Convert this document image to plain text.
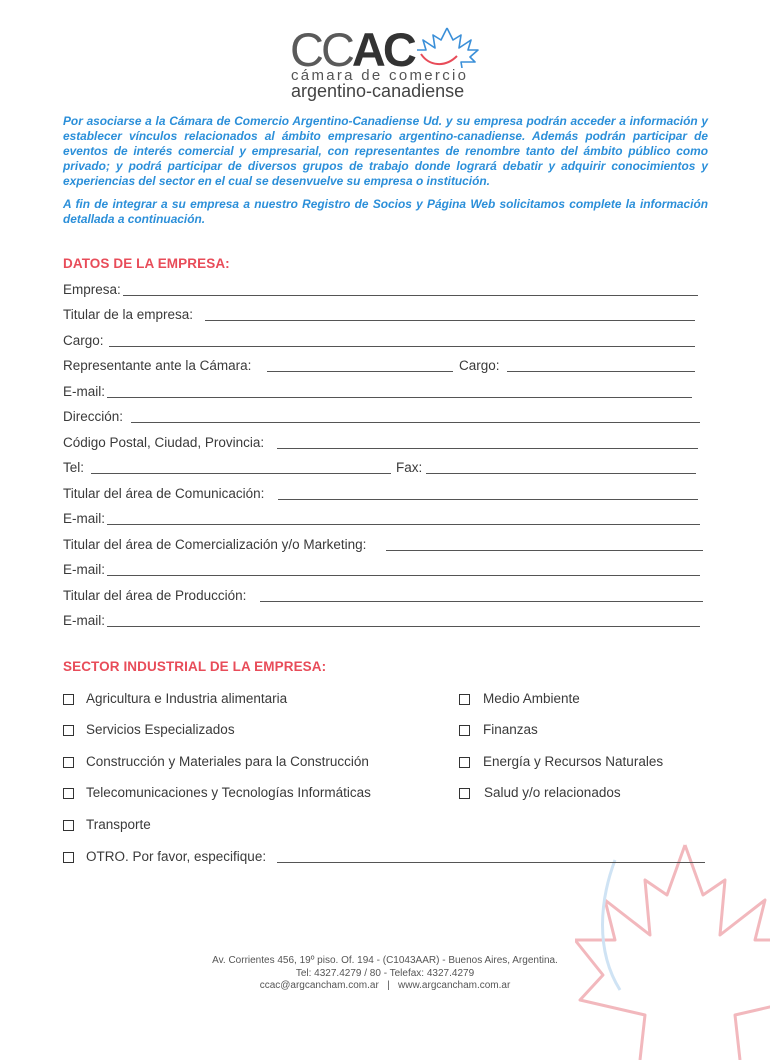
CCAC
cámara de comercio
argentino-canadiense

Por asociarse a la Cámara de Comercio Argentino-Canadiense Ud. y su empresa podrán acceder a información y establecer vínculos relacionados al ámbito empresario argentino-canadiense. Además podrán participar de eventos de interés comercial y empresarial, con representantes de renombre tanto del ámbito público como privado; y podrá participar de diversos grupos de trabajo donde logrará debatir y adquirir conocimientos y experiencias del sector en el cual se desenvuelve su empresa o institución.

A fin de integrar a su empresa a nuestro Registro de Socios y Página Web solicitamos complete la información detallada a continuación.

DATOS DE LA EMPRESA:
Empresa:
Titular de la empresa:
Cargo:
Representante ante la Cámara:	Cargo:
E-mail:
Dirección:
Código Postal, Ciudad, Provincia:
Tel:	Fax:
Titular del área de Comunicación:
E-mail:
Titular del área de Comercialización y/o Marketing:
E-mail:
Titular del área de Producción:
E-mail:
SECTOR INDUSTRIAL DE LA EMPRESA:
Agricultura e Industria alimentaria	Medio Ambiente
Servicios Especializados	Finanzas
Construcción y Materiales para la Construcción	Energía y Recursos Naturales
Telecomunicaciones y Tecnologías Informáticas	Salud y/o relacionados
Transporte
OTRO. Por favor, especifique:
Av. Corrientes 456, 19º piso. Of. 194 - (C1043AAR) - Buenos Aires, Argentina.
Tel: 4327.4279 / 80 - Telefax: 4327.4279
ccac@argcancham.com.ar   |   www.argcancham.com.ar
